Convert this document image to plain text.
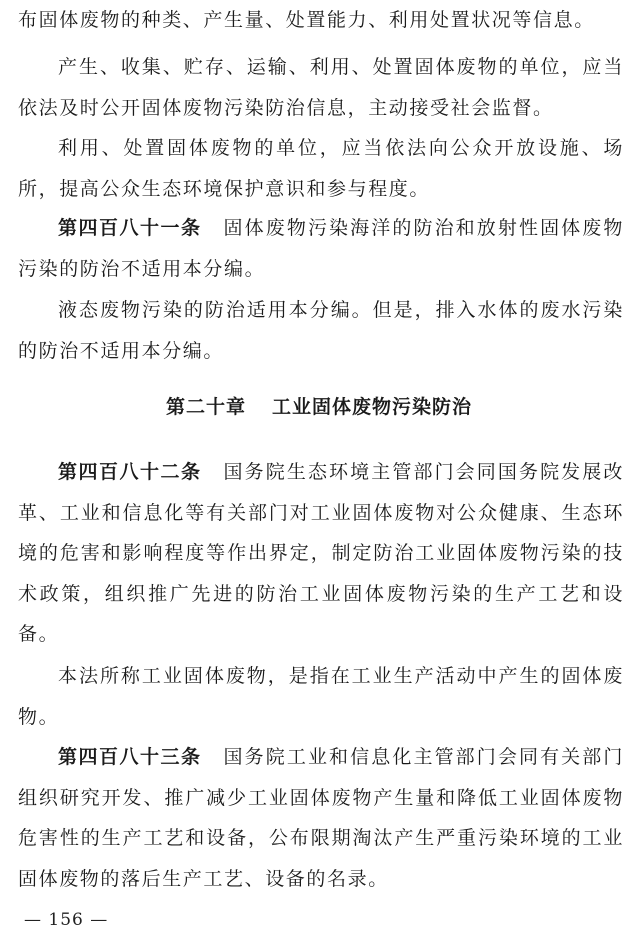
布固体废物的种类、产生量、处置能力、利用处置状况等信息。

产生、收集、贮存、运输、利用、处置固体废物的单位，应当依法及时公开固体废物污染防治信息，主动接受社会监督。

利用、处置固体废物的单位，应当依法向公众开放设施、场所，提高公众生态环境保护意识和参与程度。

第四百八十一条 固体废物污染海洋的防治和放射性固体废物污染的防治不适用本分编。

液态废物污染的防治适用本分编。但是，排入水体的废水污染的防治不适用本分编。

第二十章 工业固体废物污染防治

第四百八十二条 国务院生态环境主管部门会同国务院发展改革、工业和信息化等有关部门对工业固体废物对公众健康、生态环境的危害和影响程度等作出界定，制定防治工业固体废物污染的技术政策，组织推广先进的防治工业固体废物污染的生产工艺和设备。

本法所称工业固体废物，是指在工业生产活动中产生的固体废物。

第四百八十三条 国务院工业和信息化主管部门会同有关部门组织研究开发、推广减少工业固体废物产生量和降低工业固体废物危害性的生产工艺和设备，公布限期淘汰产生严重污染环境的工业固体废物的落后生产工艺、设备的名录。

— 156 —
